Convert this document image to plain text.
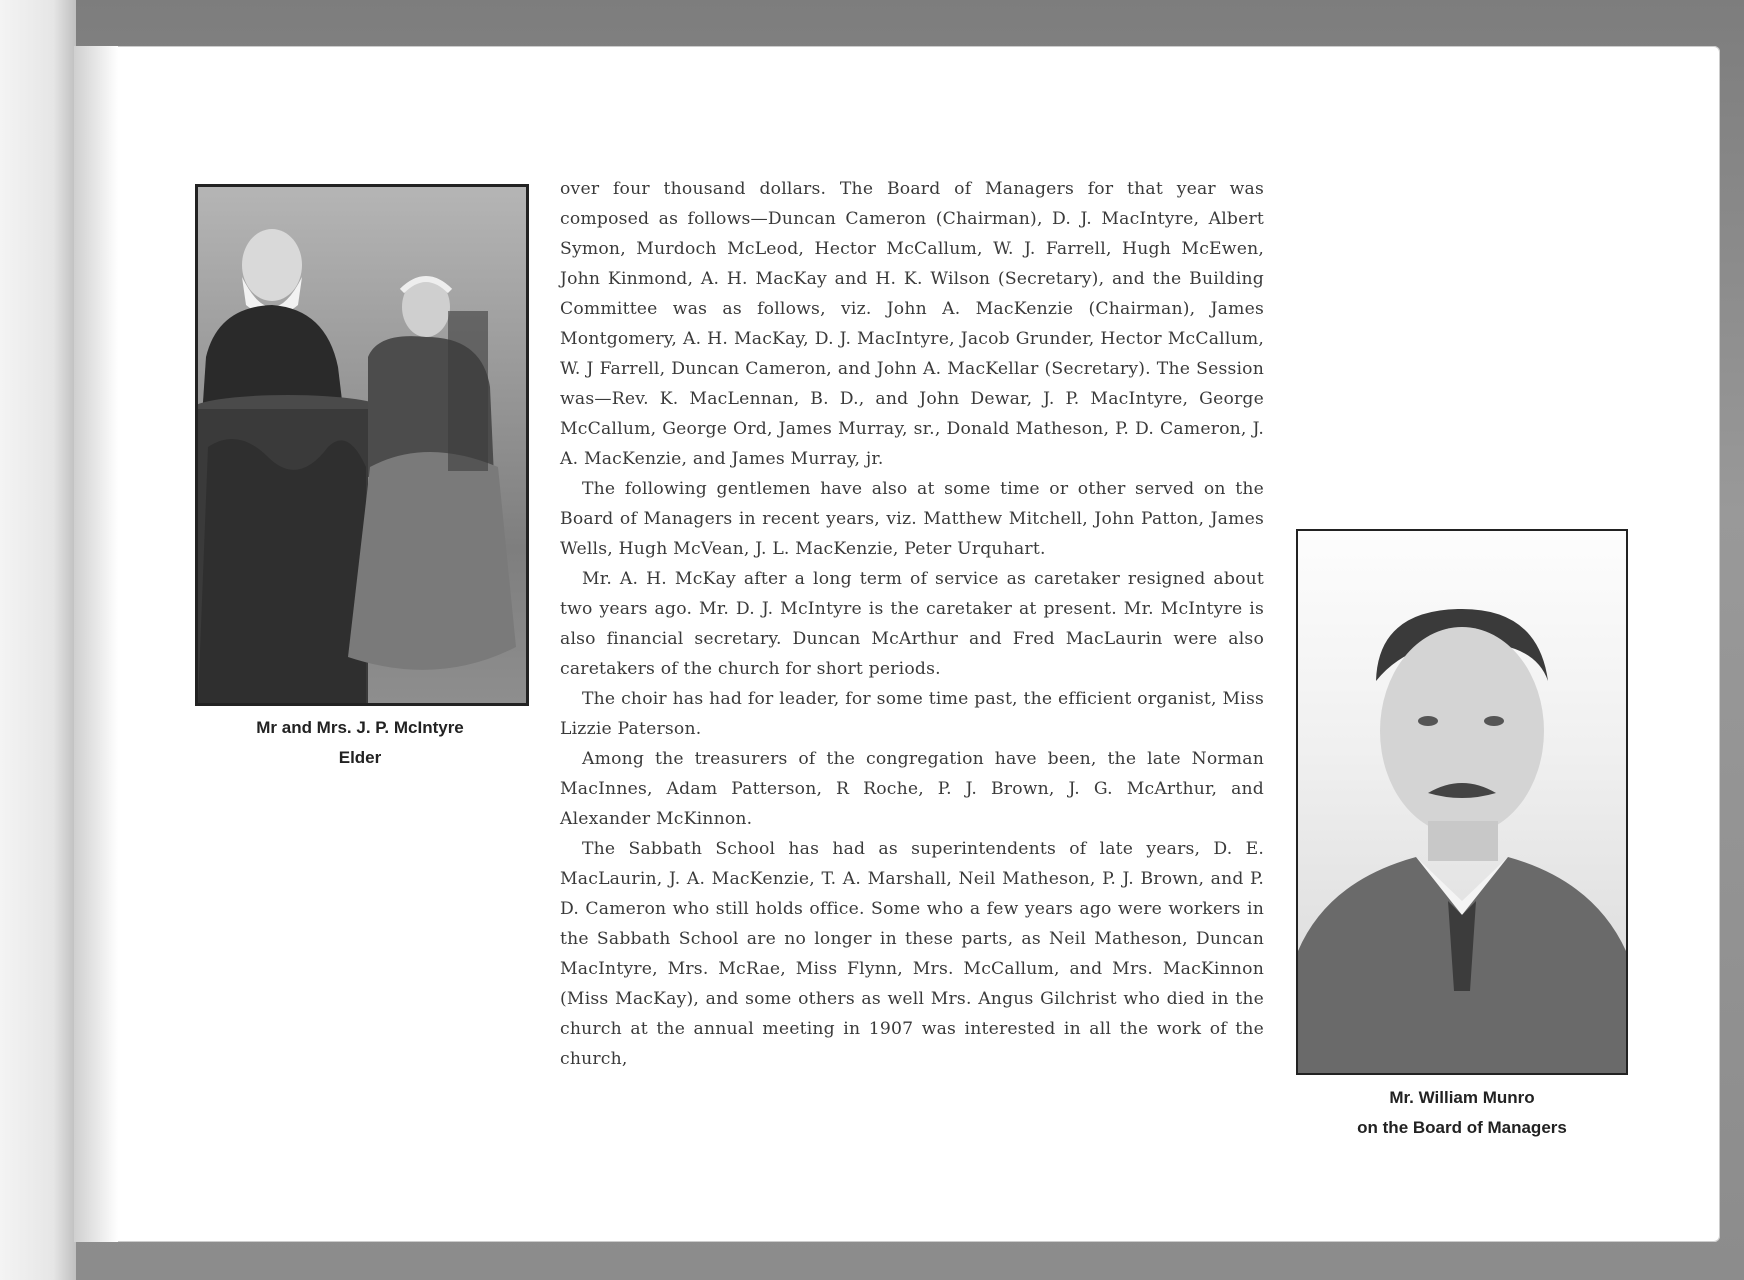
Mr and Mrs. J. P. McIntyre
Elder

over four thousand dollars. The Board of Managers for that year was composed as follows—Duncan Cameron (Chairman), D. J. MacIntyre, Albert Symon, Murdoch McLeod, Hector McCallum, W. J. Farrell, Hugh McEwen, John Kinmond, A. H. MacKay and H. K. Wilson (Secretary), and the Building Committee was as follows, viz. John A. MacKenzie (Chairman), James Montgomery, A. H. MacKay, D. J. MacIntyre, Jacob Grunder, Hector McCallum, W. J Farrell, Duncan Cameron, and John A. MacKellar (Secretary). The Session was—Rev. K. MacLennan, B. D., and John Dewar, J. P. MacIntyre, George McCallum, George Ord, James Murray, sr., Donald Matheson, P. D. Cameron, J. A. MacKenzie, and James Murray, jr.

The following gentlemen have also at some time or other served on the Board of Managers in recent years, viz. Matthew Mitchell, John Patton, James Wells, Hugh McVean, J. L. MacKenzie, Peter Urquhart.

Mr. A. H. McKay after a long term of service as caretaker resigned about two years ago. Mr. D. J. McIntyre is the caretaker at present. Mr. McIntyre is also financial secretary. Duncan McArthur and Fred MacLaurin were also caretakers of the church for short periods.

The choir has had for leader, for some time past, the efficient organist, Miss Lizzie Paterson.

Among the treasurers of the congregation have been, the late Norman MacInnes, Adam Patterson, R Roche, P. J. Brown, J. G. McArthur, and Alexander McKinnon.

The Sabbath School has had as superintendents of late years, D. E. MacLaurin, J. A. MacKenzie, T. A. Marshall, Neil Matheson, P. J. Brown, and P. D. Cameron who still holds office. Some who a few years ago were workers in the Sabbath School are no longer in these parts, as Neil Matheson, Duncan MacIntyre, Mrs. McRae, Miss Flynn, Mrs. McCallum, and Mrs. MacKinnon (Miss MacKay), and some others as well Mrs. Angus Gilchrist who died in the church at the annual meeting in 1907 was interested in all the work of the church,

Mr. William Munro
on the Board of Managers
